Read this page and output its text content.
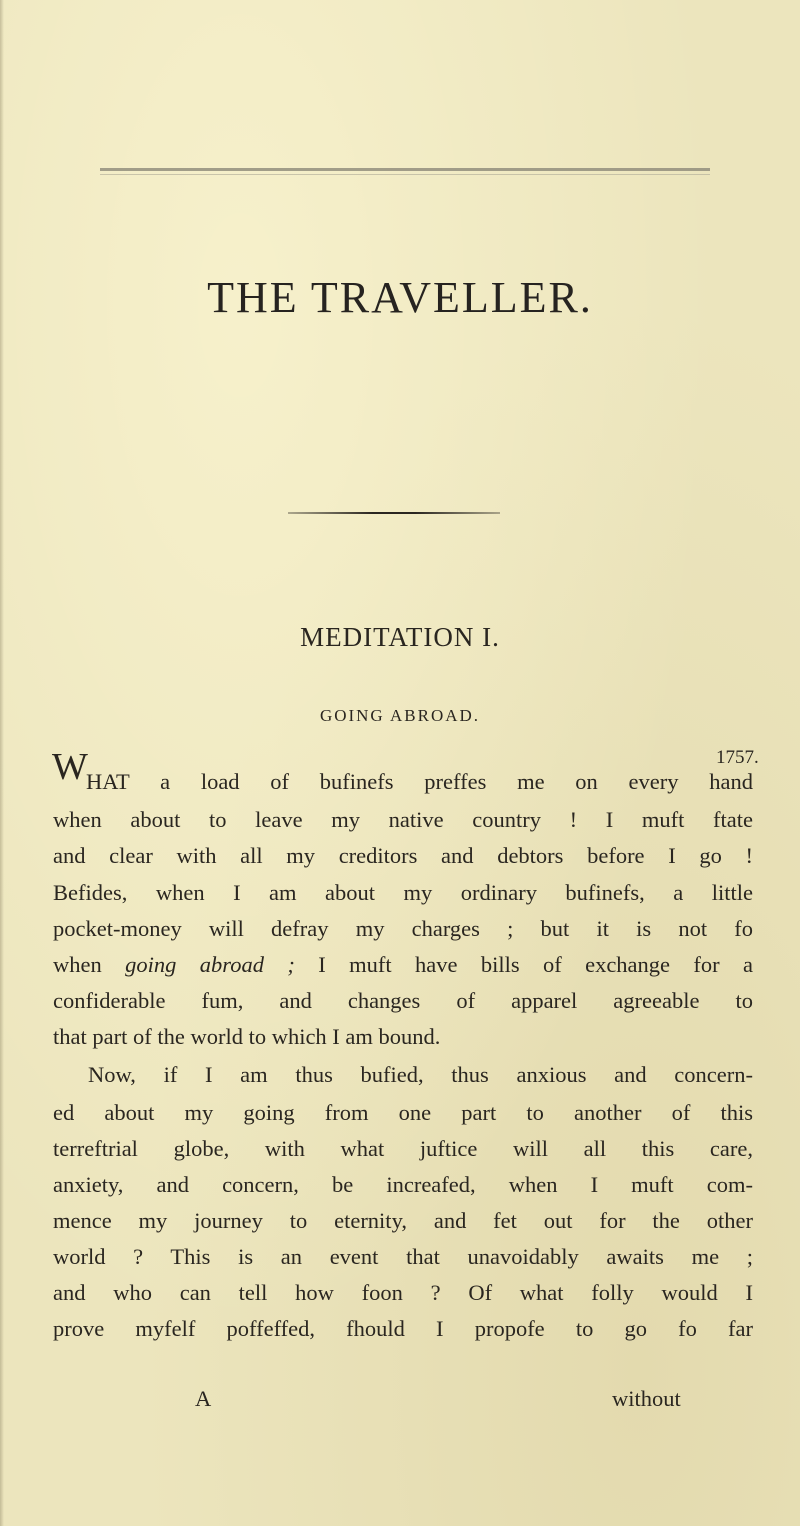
THE TRAVELLER.
MEDITATION I.
GOING ABROAD.
1757.
W
HAT a load of bufinefs preffes me on every hand
when about to leave my native country ! I muft ftate
and clear with all my creditors and debtors before I go !
Befides, when I am about my ordinary bufinefs, a little
pocket-money will defray my charges ; but it is not fo
when going abroad ; I muft have bills of exchange for a
confiderable fum, and changes of apparel agreeable to
that part of the world to which I am bound.
Now, if I am thus bufied, thus anxious and concern-
ed about my going from one part to another of this
terreftrial globe, with what juftice will all this care,
anxiety, and concern, be increafed, when I muft com-
mence my journey to eternity, and fet out for the other
world ? This is an event that unavoidably awaits me ;
and who can tell how foon ? Of what folly would I
prove myfelf poffeffed, fhould I propofe to go fo far
A	without
